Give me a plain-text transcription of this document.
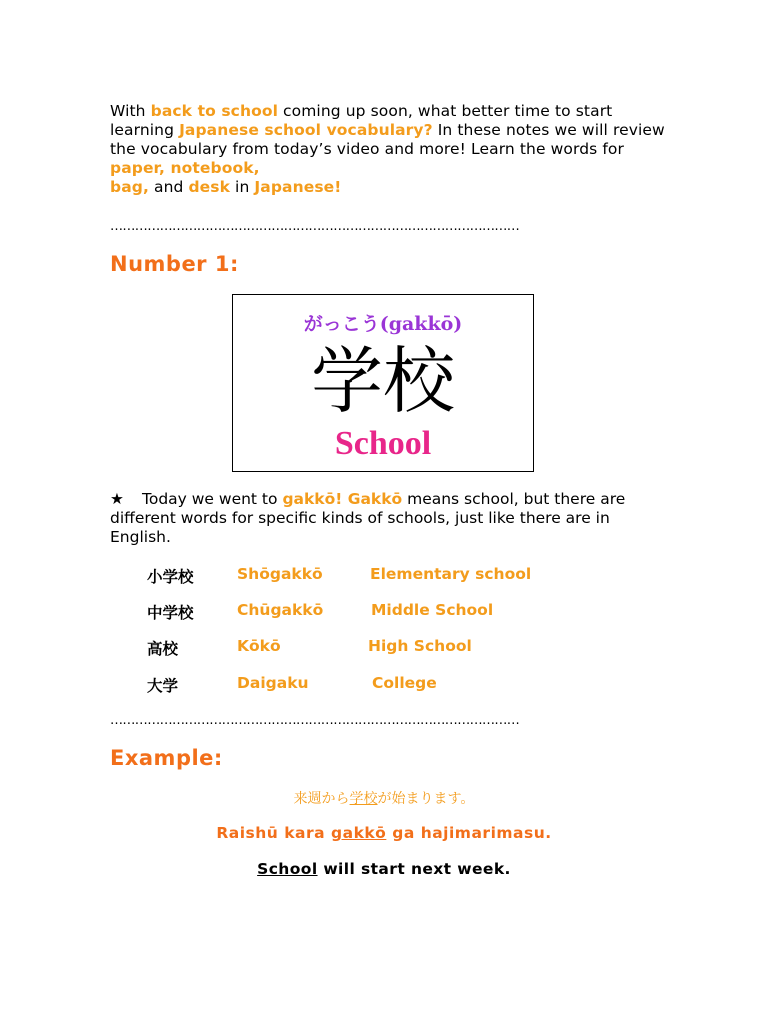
With back to school coming up soon, what better time to start learning Japanese school vocabulary? In these notes we will review the vocabulary from today’s video and more! Learn the words for paper, notebook,
bag, and desk in Japanese!
………………………………………………………………………………………
Number 1:
がっこう(gakkō)
学校
School
★ Today we went to gakkō! Gakkō means school, but there are different words for specific kinds of schools, just like there are in English.
小学校	Shōgakkō	Elementary school
中学校	Chūgakkō	Middle School
高校	Kōkō	High School
大学	Daigaku	College
………………………………………………………………………………………
Example:
来週から学校が始まります。
Raishū kara gakkō ga hajimarimasu.
School will start next week.
